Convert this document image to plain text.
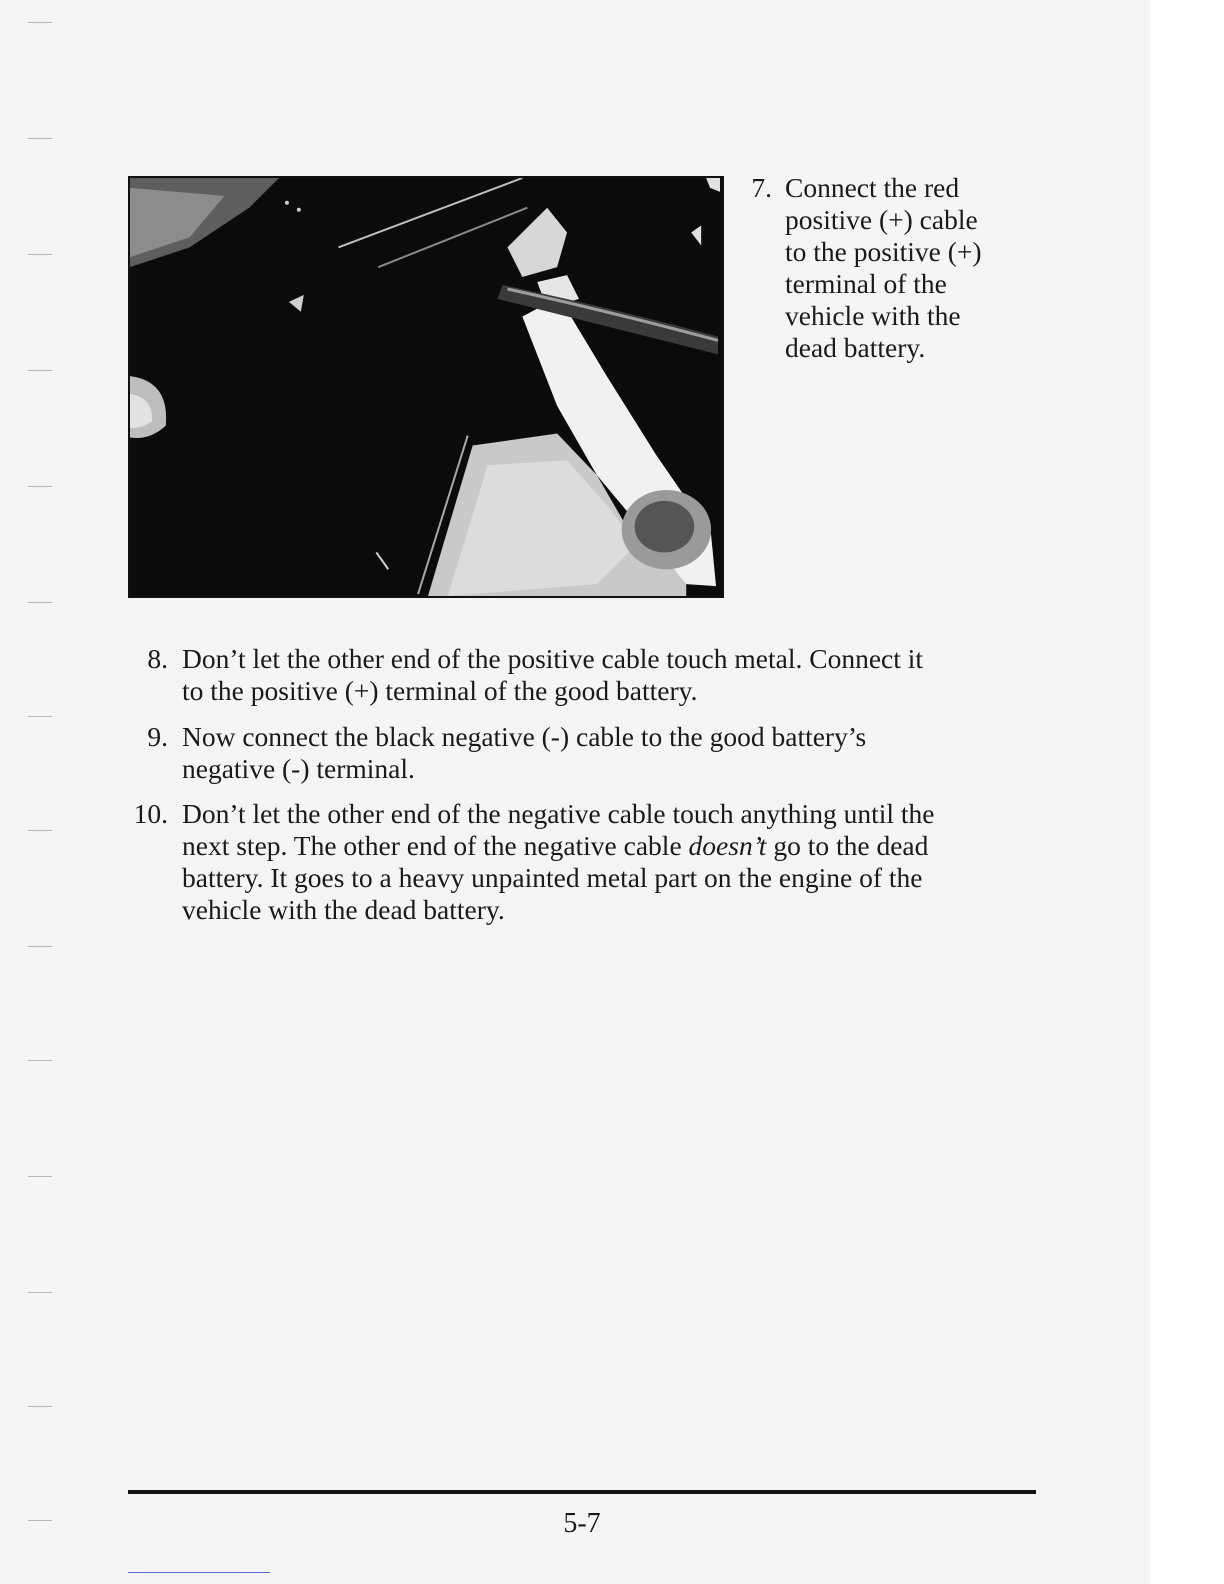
7. Connect the red
positive (+) cable
to the positive (+)
terminal of the
vehicle with the
dead battery.
8. Don’t let the other end of the positive cable touch metal. Connect it
to the positive (+) terminal of the good battery.
9. Now connect the black negative (-) cable to the good battery’s
negative (-) terminal.
10. Don’t let the other end of the negative cable touch anything until the
next step. The other end of the negative cable doesn’t go to the dead
battery. It goes to a heavy unpainted metal part on the engine of the
vehicle with the dead battery.
5-7
